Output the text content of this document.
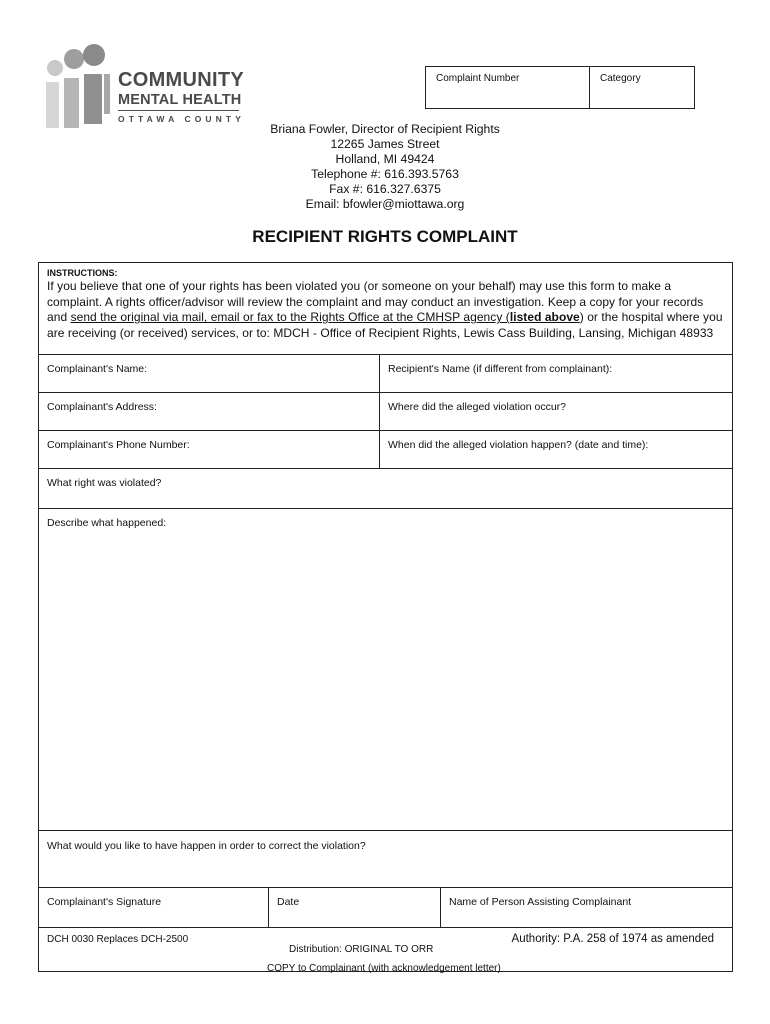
COMMUNITY
MENTAL HEALTH
OTTAWA COUNTY
Complaint Number	Category
Briana Fowler, Director of Recipient Rights
12265 James Street
Holland, MI 49424
Telephone #: 616.393.5763
Fax #: 616.327.6375
Email: bfowler@miottawa.org
RECIPIENT RIGHTS COMPLAINT
INSTRUCTIONS:
If you believe that one of your rights has been violated you (or someone on your behalf) may use this form to make a complaint. A rights officer/advisor will review the complaint and may conduct an investigation. Keep a copy for your records and send the original via mail, email or fax to the Rights Office at the CMHSP agency (listed above) or the hospital where you are receiving (or received) services, or to: MDCH - Office of Recipient Rights, Lewis Cass Building, Lansing, Michigan 48933
Complainant's Name:	Recipient's Name (if different from complainant):
Complainant's Address:	Where did the alleged violation occur?
Complainant's Phone Number:	When did the alleged violation happen? (date and time):
What right was violated?
Describe what happened:
What would you like to have happen in order to correct the violation?
Complainant's Signature	Date	Name of Person Assisting Complainant
DCH 0030 Replaces DCH-2500	Authority: P.A. 258 of 1974 as amended
Distribution: ORIGINAL TO ORR
COPY to Complainant (with acknowledgement letter)
